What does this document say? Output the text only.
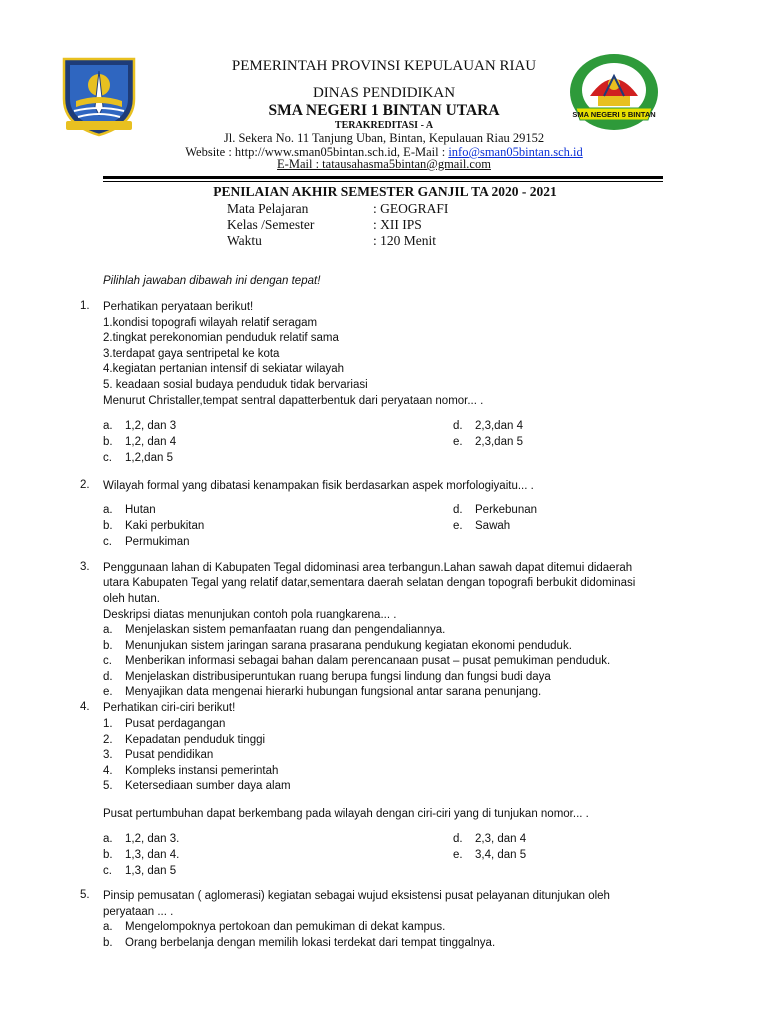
PEMERINTAH PROVINSI KEPULAUAN RIAU
DINAS PENDIDIKAN
SMA NEGERI 1 BINTAN UTARA
TERAKREDITASI - A
Jl. Sekera No. 11 Tanjung Uban, Bintan, Kepulauan Riau 29152
Website : http://www.sman05bintan.sch.id, E-Mail : info@sman05bintan.sch.id
E-Mail : tatausahasma5bintan@gmail.com
SMA NEGERI 5 BINTAN
PENILAIAN AKHIR SEMESTER GANJIL TA 2020 - 2021
Mata Pelajaran	: GEOGRAFI
Kelas /Semester	: XII IPS
Waktu	: 120 Menit
Pilihlah jawaban dibawah ini dengan tepat!
1. Perhatikan peryataan berikut!
1.kondisi topografi wilayah relatif seragam
2.tingkat perekonomian penduduk relatif sama
3.terdapat gaya sentripetal ke kota
4.kegiatan pertanian intensif di sekiatar wilayah
5. keadaan sosial budaya penduduk tidak bervariasi
Menurut Christaller,tempat sentral dapatterbentuk dari peryataan nomor... .
a. 1,2, dan 3
b. 1,2, dan 4
c. 1,2,dan 5
d. 2,3,dan 4
e. 2,3,dan 5
2. Wilayah formal yang dibatasi kenampakan fisik berdasarkan aspek morfologiyaitu... .
a. Hutan
b. Kaki perbukitan
c. Permukiman
d. Perkebunan
e. Sawah
3. Penggunaan lahan di Kabupaten Tegal didominasi area terbangun.Lahan sawah dapat ditemui didaerah
utara Kabupaten Tegal yang relatif datar,sementara daerah selatan dengan topografi berbukit didominasi
oleh hutan.
Deskripsi diatas menunjukan contoh pola ruangkarena... .
a. Menjelaskan sistem pemanfaatan ruang dan pengendaliannya.
b. Menunjukan sistem jaringan sarana prasarana pendukung kegiatan ekonomi penduduk.
c. Menberikan informasi sebagai bahan dalam perencanaan pusat – pusat pemukiman penduduk.
d. Menjelaskan distribusiperuntukan ruang berupa fungsi lindung dan fungsi budi daya
e. Menyajikan data mengenai hierarki hubungan fungsional antar sarana penunjang.
4. Perhatikan ciri-ciri berikut!
1. Pusat perdagangan
2. Kepadatan penduduk tinggi
3. Pusat pendidikan
4. Kompleks instansi pemerintah
5. Ketersediaan sumber daya alam
Pusat pertumbuhan dapat berkembang pada wilayah dengan ciri-ciri yang di tunjukan nomor... .
a. 1,2, dan 3.
b. 1,3, dan 4.
c. 1,3, dan 5
d. 2,3, dan 4
e. 3,4, dan 5
5. Pinsip pemusatan ( aglomerasi) kegiatan sebagai wujud eksistensi pusat pelayanan ditunjukan oleh
peryataan ... .
a. Mengelompoknya pertokoan dan pemukiman di dekat kampus.
b. Orang berbelanja dengan memilih lokasi terdekat dari tempat tinggalnya.
